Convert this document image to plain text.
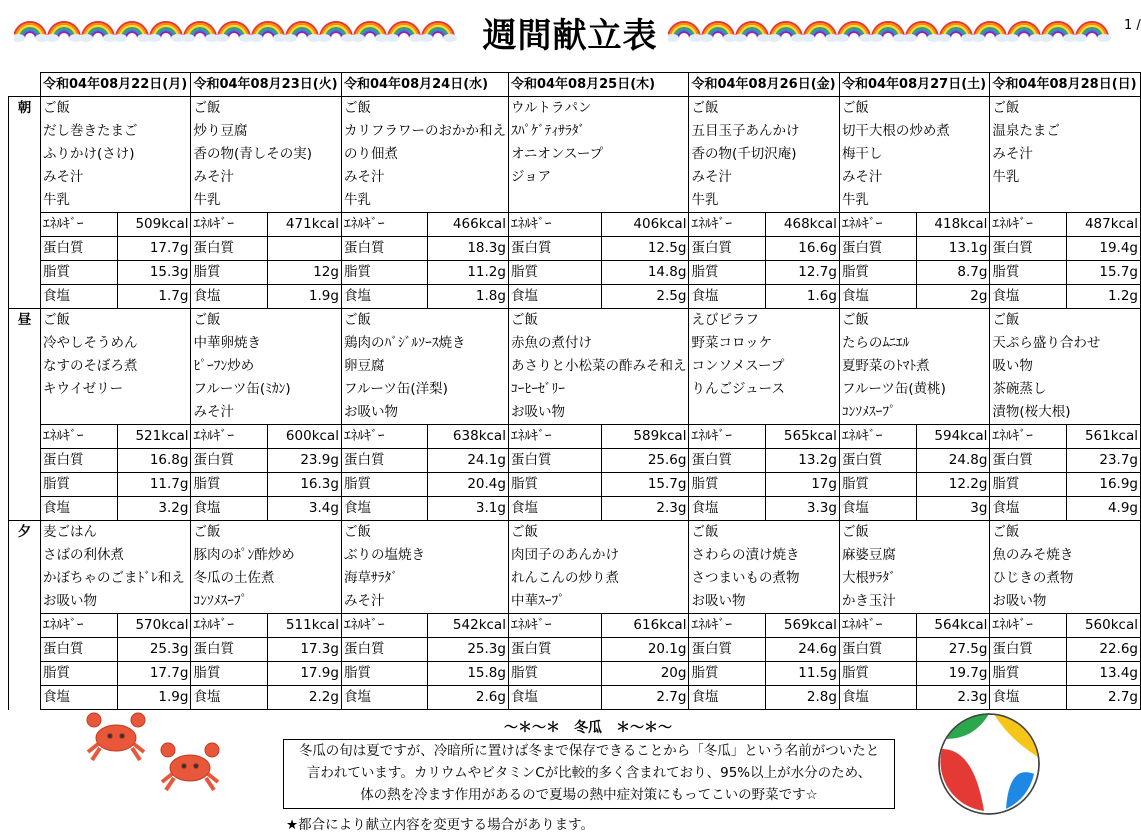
週間献立表	1 /
	令和04年08月22日(月)		令和04年08月23日(火)		令和04年08月24日(水)		令和04年08月25日(木)		令和04年08月26日(金)		令和04年08月27日(土)		令和04年08月28日(日)	
朝	ご飯		ご飯		ご飯		ウルトラパン		ご飯		ご飯		ご飯	
	だし巻きたまご		炒り豆腐		カリフラワーのおかか和え		ｽﾊﾟｹﾞﾃｨｻﾗﾀﾞ		五目玉子あんかけ		切干大根の炒め煮		温泉たまご	
	ふりかけ(さけ)		香の物(青しその実)		のり佃煮		オニオンスープ		香の物(千切沢庵)		梅干し		みそ汁	
	みそ汁		みそ汁		みそ汁		ジョア		みそ汁		みそ汁		牛乳	
	牛乳		牛乳		牛乳				牛乳		牛乳			
	ｴﾈﾙｷﾞｰ	509kcal	ｴﾈﾙｷﾞｰ	471kcal	ｴﾈﾙｷﾞｰ	466kcal	ｴﾈﾙｷﾞｰ	406kcal	ｴﾈﾙｷﾞｰ	468kcal	ｴﾈﾙｷﾞｰ	418kcal	ｴﾈﾙｷﾞｰ	487kcal
	蛋白質	17.7g	蛋白質		蛋白質	18.3g	蛋白質	12.5g	蛋白質	16.6g	蛋白質	13.1g	蛋白質	19.4g
	脂質	15.3g	脂質	12g	脂質	11.2g	脂質	14.8g	脂質	12.7g	脂質	8.7g	脂質	15.7g
	食塩	1.7g	食塩	1.9g	食塩	1.8g	食塩	2.5g	食塩	1.6g	食塩	2g	食塩	1.2g
昼	ご飯		ご飯		ご飯		ご飯		えびピラフ		ご飯		ご飯	
	冷やしそうめん		中華卵焼き		鶏肉のﾊﾞｼﾞﾙｿｰｽ焼き		赤魚の煮付け		野菜コロッケ		たらのﾑﾆｴﾙ		天ぷら盛り合わせ	
	なすのそぼろ煮		ﾋﾟｰﾌﾝ炒め		卵豆腐		あさりと小松菜の酢みそ和え		コンソメスープ		夏野菜のﾄﾏﾄ煮		吸い物	
	キウイゼリー		フルーツ缶(ﾐｶﾝ)		フルーツ缶(洋梨)		ｺｰﾋｰｾﾞﾘｰ		りんごジュース		フルーツ缶(黄桃)		茶碗蒸し	
			みそ汁		お吸い物		お吸い物				ｺﾝｿﾒｽｰﾌﾟ		漬物(桜大根)	
	ｴﾈﾙｷﾞｰ	521kcal	ｴﾈﾙｷﾞｰ	600kcal	ｴﾈﾙｷﾞｰ	638kcal	ｴﾈﾙｷﾞｰ	589kcal	ｴﾈﾙｷﾞｰ	565kcal	ｴﾈﾙｷﾞｰ	594kcal	ｴﾈﾙｷﾞｰ	561kcal
	蛋白質	16.8g	蛋白質	23.9g	蛋白質	24.1g	蛋白質	25.6g	蛋白質	13.2g	蛋白質	24.8g	蛋白質	23.7g
	脂質	11.7g	脂質	16.3g	脂質	20.4g	脂質	15.7g	脂質	17g	脂質	12.2g	脂質	16.9g
	食塩	3.2g	食塩	3.4g	食塩	3.1g	食塩	2.3g	食塩	3.3g	食塩	3g	食塩	4.9g
夕	麦ごはん		ご飯		ご飯		ご飯		ご飯		ご飯		ご飯	
	さばの利休煮		豚肉のﾎﾟﾝ酢炒め		ぶりの塩焼き		肉団子のあんかけ		さわらの漬け焼き		麻婆豆腐		魚のみそ焼き	
	かぼちゃのごまﾄﾞﾚ和え		冬瓜の土佐煮		海草ｻﾗﾀﾞ		れんこんの炒り煮		さつまいもの煮物		大根ｻﾗﾀﾞ		ひじきの煮物	
	お吸い物		ｺﾝｿﾒｽｰﾌﾟ		みそ汁		中華ｽｰﾌﾟ		お吸い物		かき玉汁		お吸い物	
	ｴﾈﾙｷﾞｰ	570kcal	ｴﾈﾙｷﾞｰ	511kcal	ｴﾈﾙｷﾞｰ	542kcal	ｴﾈﾙｷﾞｰ	616kcal	ｴﾈﾙｷﾞｰ	569kcal	ｴﾈﾙｷﾞｰ	564kcal	ｴﾈﾙｷﾞｰ	560kcal
	蛋白質	25.3g	蛋白質	17.3g	蛋白質	25.3g	蛋白質	20.1g	蛋白質	24.6g	蛋白質	27.5g	蛋白質	22.6g
	脂質	17.7g	脂質	17.9g	脂質	15.8g	脂質	20g	脂質	11.5g	脂質	19.7g	脂質	13.4g
	食塩	1.9g	食塩	2.2g	食塩	2.6g	食塩	2.7g	食塩	2.8g	食塩	2.3g	食塩	2.7g
～＊～＊　冬瓜　＊～＊～
冬瓜の旬は夏ですが、冷暗所に置けば冬まで保存できることから「冬瓜」という名前がついたと
言われています。カリウムやビタミンCが比較的多く含まれており、95%以上が水分のため、
体の熱を冷ます作用があるので夏場の熱中症対策にもってこいの野菜です☆
★都合により献立内容を変更する場合があります。
